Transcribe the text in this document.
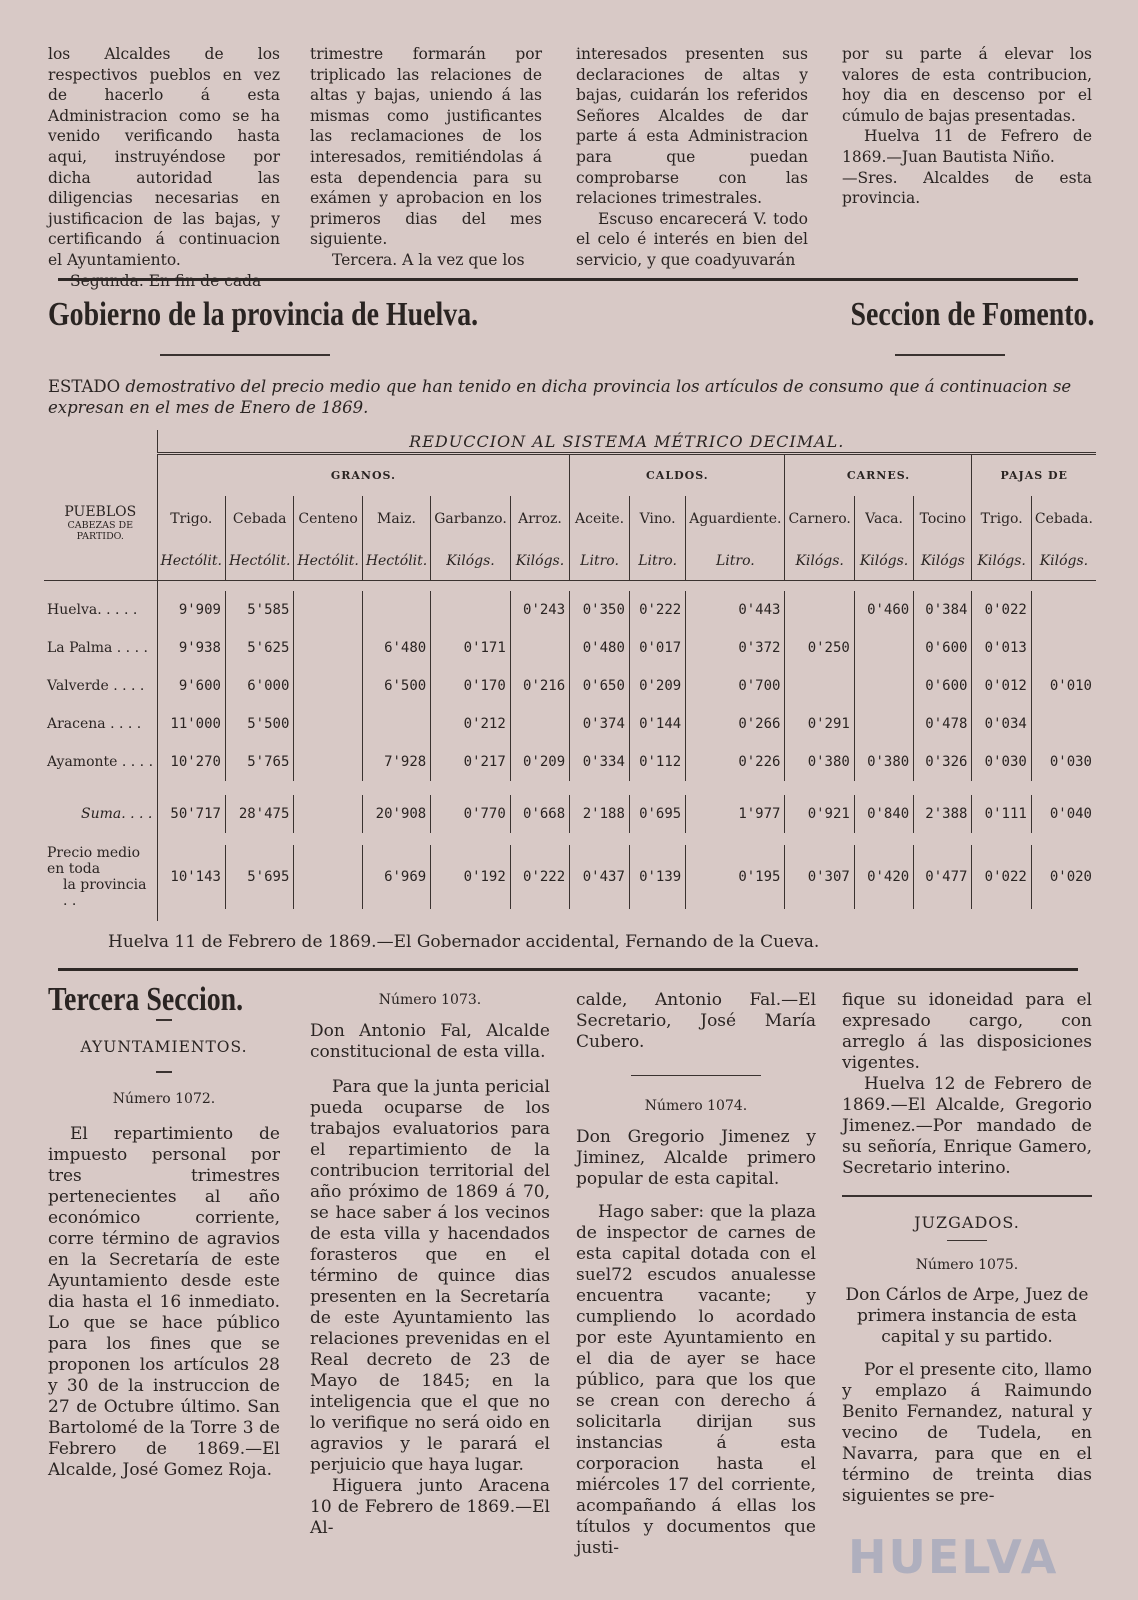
los Alcaldes de los respectivos pueblos en vez de hacerlo á esta Administracion como se ha venido verificando hasta aqui, instruyéndose por dicha autoridad las diligencias necesarias en justificacion de las bajas, y certificando á continuacion el Ayuntamiento.

Segunda. En fin de cada

trimestre formarán por triplicado las relaciones de altas y bajas, uniendo á las mismas como justificantes las reclamaciones de los interesados, remitiéndolas á esta dependencia para su exámen y aprobacion en los primeros dias del mes siguiente.

Tercera. A la vez que los

interesados presenten sus declaraciones de altas y bajas, cuidarán los referidos Señores Alcaldes de dar parte á esta Administracion para que puedan comprobarse con las relaciones trimestrales.

Escuso encarecerá V. todo el celo é interés en bien del servicio, y que coadyuvarán

por su parte á elevar los valores de esta contribucion, hoy dia en descenso por el cúmulo de bajas presentadas.

Huelva 11 de Fefrero de 1869.—Juan Bautista Niño.

—Sres. Alcaldes de esta provincia.

Gobierno de la provincia de Huelva.	Seccion de Fomento.
ESTADO demostrativo del precio medio que han tenido en dicha provincia los artículos de consumo que á continuacion se expresan en el mes de Enero de 1869.
	REDUCCION AL SISTEMA MÉTRICO DECIMAL.													
	GRANOS.						CALDOS.			CARNES.			PAJAS DE	

PUEBLOS
CABEZAS DE PARTIDO.	Trigo.	Cebada	Centeno	Maiz.	Garbanzo.	Arroz.	Aceite.	Vino.	Aguardiente.	Carnero.	Vaca.	Tocino	Trigo.	Cebada.
	Hectólit.	Hectólit.	Hectólit.	Hectólit.	Kilógs.	Kilógs.	Litro.	Litro.	Litro.	Kilógs.	Kilógs.	Kilógs	Kilógs.	Kilógs.

Huelva. . . . .	9'909	5'585				0'243	0'350	0'222	0'443		0'460	0'384	0'022	
La Palma . . . .	9'938	5'625		6'480	0'171		0'480	0'017	0'372	0'250		0'600	0'013	
Valverde . . . .	9'600	6'000		6'500	0'170	0'216	0'650	0'209	0'700			0'600	0'012	0'010
Aracena . . . .	11'000	5'500			0'212		0'374	0'144	0'266	0'291		0'478	0'034	
Ayamonte . . . .	10'270	5'765		7'928	0'217	0'209	0'334	0'112	0'226	0'380	0'380	0'326	0'030	0'030

Suma. . . .	50'717	28'475		20'908	0'770	0'668	2'188	0'695	1'977	0'921	0'840	2'388	0'111	0'040

Precio medio en toda
la provincia . .	10'143	5'695		6'969	0'192	0'222	0'437	0'139	0'195	0'307	0'420	0'477	0'022	0'020

Huelva 11 de Febrero de 1869.—El Gobernador accidental, Fernando de la Cueva.
Tercera Seccion.

AYUNTAMIENTOS.

Número 1072.

El repartimiento de impuesto personal por tres trimestres pertenecientes al año económico corriente, corre término de agravios en la Secretaría de este Ayuntamiento desde este dia hasta el 16 inmediato. Lo que se hace público para los fines que se proponen los artículos 28 y 30 de la instruccion de 27 de Octubre último. San Bartolomé de la Torre 3 de Febrero de 1869.—El Alcalde, José Gomez Roja.

Número 1073.

Don Antonio Fal, Alcalde constitucional de esta villa.

Para que la junta pericial pueda ocuparse de los trabajos evaluatorios para el repartimiento de la contribucion territorial del año próximo de 1869 á 70, se hace saber á los vecinos de esta villa y hacendados forasteros que en el término de quince dias presenten en la Secretaría de este Ayuntamiento las relaciones prevenidas en el Real decreto de 23 de Mayo de 1845; en la inteligencia que el que no lo verifique no será oido en agravios y le parará el perjuicio que haya lugar.

Higuera junto Aracena 10 de Febrero de 1869.—El Al-

calde, Antonio Fal.—El Secretario, José María Cubero.

Número 1074.

Don Gregorio Jimenez y Jiminez, Alcalde primero popular de esta capital.

Hago saber: que la plaza de inspector de carnes de esta capital dotada con el suel72 escudos anualesse encuentra vacante; y cumpliendo lo acordado por este Ayuntamiento en el dia de ayer se hace público, para que los que se crean con derecho á solicitarla dirijan sus instancias á esta corporacion hasta el miércoles 17 del corriente, acompañando á ellas los títulos y documentos que justi-

fique su idoneidad para el expresado cargo, con arreglo á las disposiciones vigentes.

Huelva 12 de Febrero de 1869.—El Alcalde, Gregorio Jimenez.—Por mandado de su señoría, Enrique Gamero, Secretario interino.

JUZGADOS.

Número 1075.

Don Cárlos de Arpe, Juez de primera instancia de esta capital y su partido.

Por el presente cito, llamo y emplazo á Raimundo Benito Fernandez, natural y vecino de Tudela, en Navarra, para que en el término de treinta dias siguientes se pre-

HUELVA
